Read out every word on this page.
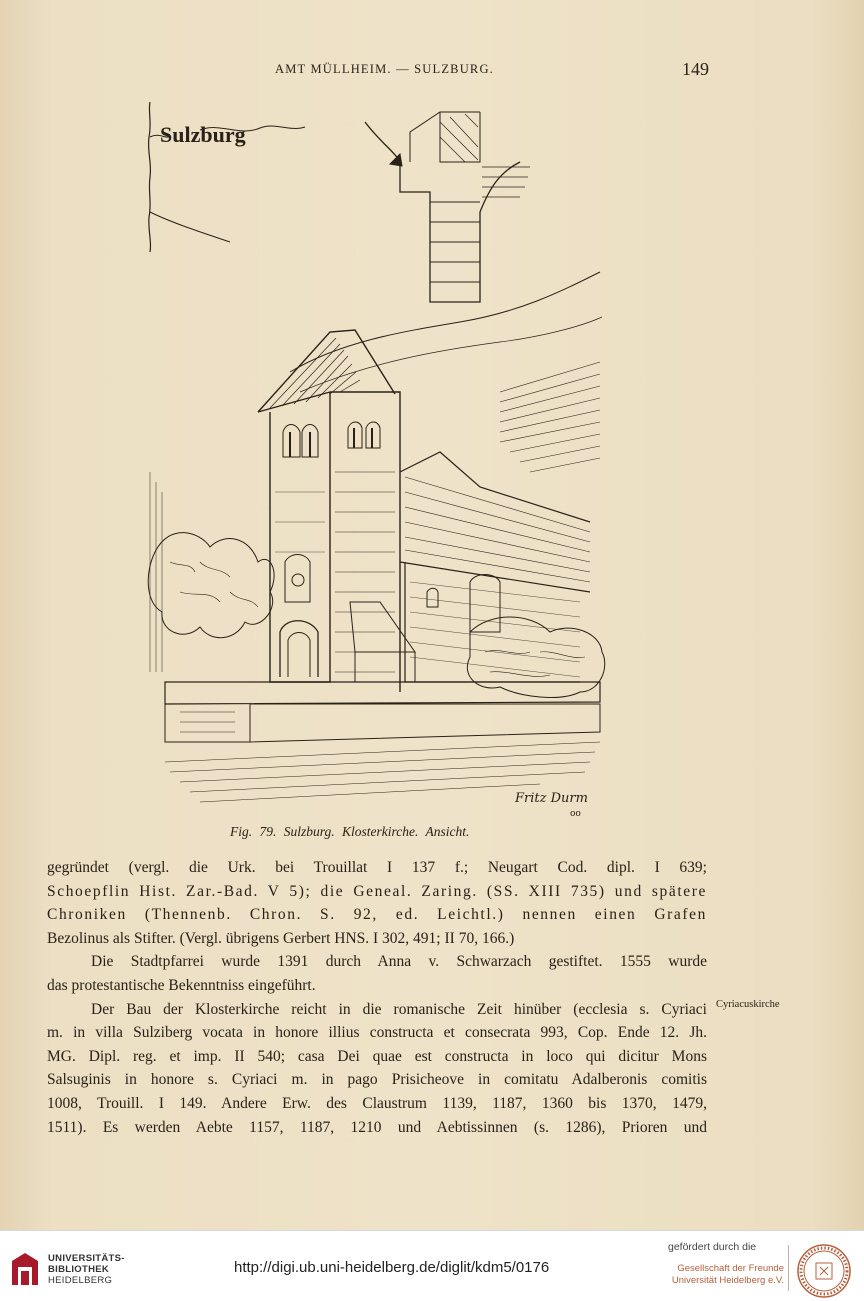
AMT MÜLLHEIM. — SULZBURG.	149
Sulzburg
Fritz Durm
oo
Fig. 79. Sulzburg. Klosterkirche. Ansicht.

gegründet (vergl. die Urk. bei Trouillat I 137 f.; Neugart Cod. dipl. I 639;

Schoepflin Hist. Zar.-Bad. V 5); die Geneal. Zaring. (SS. XIII 735) und spätere

Chroniken (Thennenb. Chron. S. 92, ed. Leichtl.) nennen einen Grafen

Bezolinus als Stifter. (Vergl. übrigens Gerbert HNS. I 302, 491; II 70, 166.)

Die Stadtpfarrei wurde 1391 durch Anna v. Schwarzach gestiftet. 1555 wurde

das protestantische Bekenntniss eingeführt.

Der Bau der Klosterkirche reicht in die romanische Zeit hinüber (ecclesia s. Cyriaci

m. in villa Sulziberg vocata in honore illius constructa et consecrata 993, Cop. Ende 12. Jh.

MG. Dipl. reg. et imp. II 540; casa Dei quae est constructa in loco qui dicitur Mons

Salsuginis in honore s. Cyriaci m. in pago Prisicheove in comitatu Adalberonis comitis

1008, Trouill. I 149. Andere Erw. des Claustrum 1139, 1187, 1360 bis 1370, 1479,

1511). Es werden Aebte 1157, 1187, 1210 und Aebtissinnen (s. 1286), Prioren und

Cyriacuskirche
UNIVERSITÄTS-
BIBLIOTHEK
HEIDELBERG
http://digi.ub.uni-heidelberg.de/diglit/kdm5/0176
gefördert durch die
Gesellschaft der Freunde
Universität Heidelberg e.V.
